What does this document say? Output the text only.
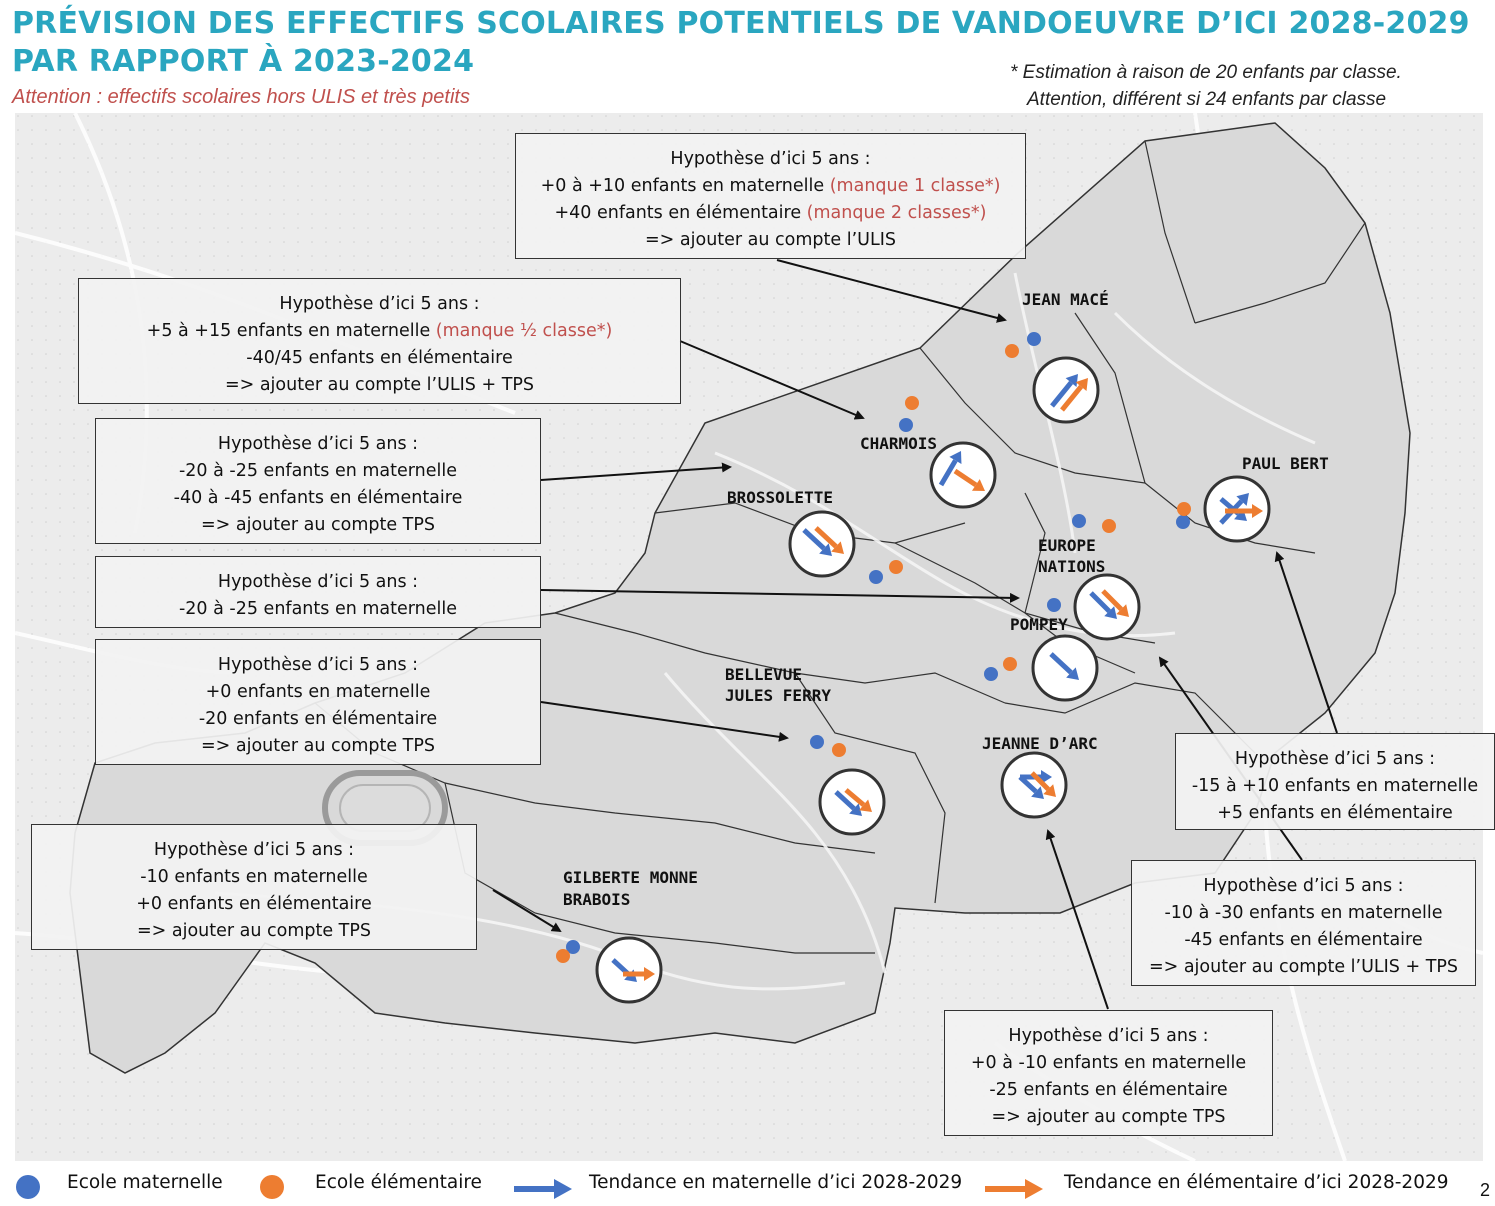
PRÉVISION DES EFFECTIFS SCOLAIRES POTENTIELS DE VANDOEUVRE D’ICI 2028-2029
PAR RAPPORT À 2023-2024
Attention : effectifs scolaires hors ULIS et très petits
* Estimation à raison de 20 enfants par classe.
Attention, différent si 24 enfants par classe
JEAN MACÉ
CHARMOIS
PAUL BERT
BROSSOLETTE
EUROPE
NATIONS
POMPEY
BELLEVUE
JULES FERRY
JEANNE D’ARC
GILBERTE MONNE
BRABOIS
Hypothèse d’ici 5 ans :
+0 à +10 enfants en maternelle (manque 1 classe*)
+40 enfants en élémentaire (manque 2 classes*)
=> ajouter au compte l’ULIS
Hypothèse d’ici 5 ans :
+5 à +15 enfants en maternelle (manque ½ classe*)
-40/45 enfants en élémentaire
=> ajouter au compte l’ULIS + TPS
Hypothèse d’ici 5 ans :
-20 à -25 enfants en maternelle
-40 à -45 enfants en élémentaire
=> ajouter au compte TPS
Hypothèse d’ici 5 ans :
-20 à -25 enfants en maternelle
Hypothèse d’ici 5 ans :
+0 enfants en maternelle
-20 enfants en élémentaire
=> ajouter au compte TPS
Hypothèse d’ici 5 ans :
-10 enfants en maternelle
+0 enfants en élémentaire
=> ajouter au compte TPS
Hypothèse d’ici 5 ans :
-15 à +10 enfants en maternelle
+5 enfants en élémentaire
Hypothèse d’ici 5 ans :
-10 à -30 enfants en maternelle
-45 enfants en élémentaire
=> ajouter au compte l’ULIS + TPS
Hypothèse d’ici 5 ans :
+0 à -10 enfants en maternelle
-25 enfants en élémentaire
=> ajouter au compte TPS
Ecole maternelle	Ecole élémentaire	Tendance en maternelle d’ici 2028-2029	Tendance en élémentaire d’ici 2028-2029 2
